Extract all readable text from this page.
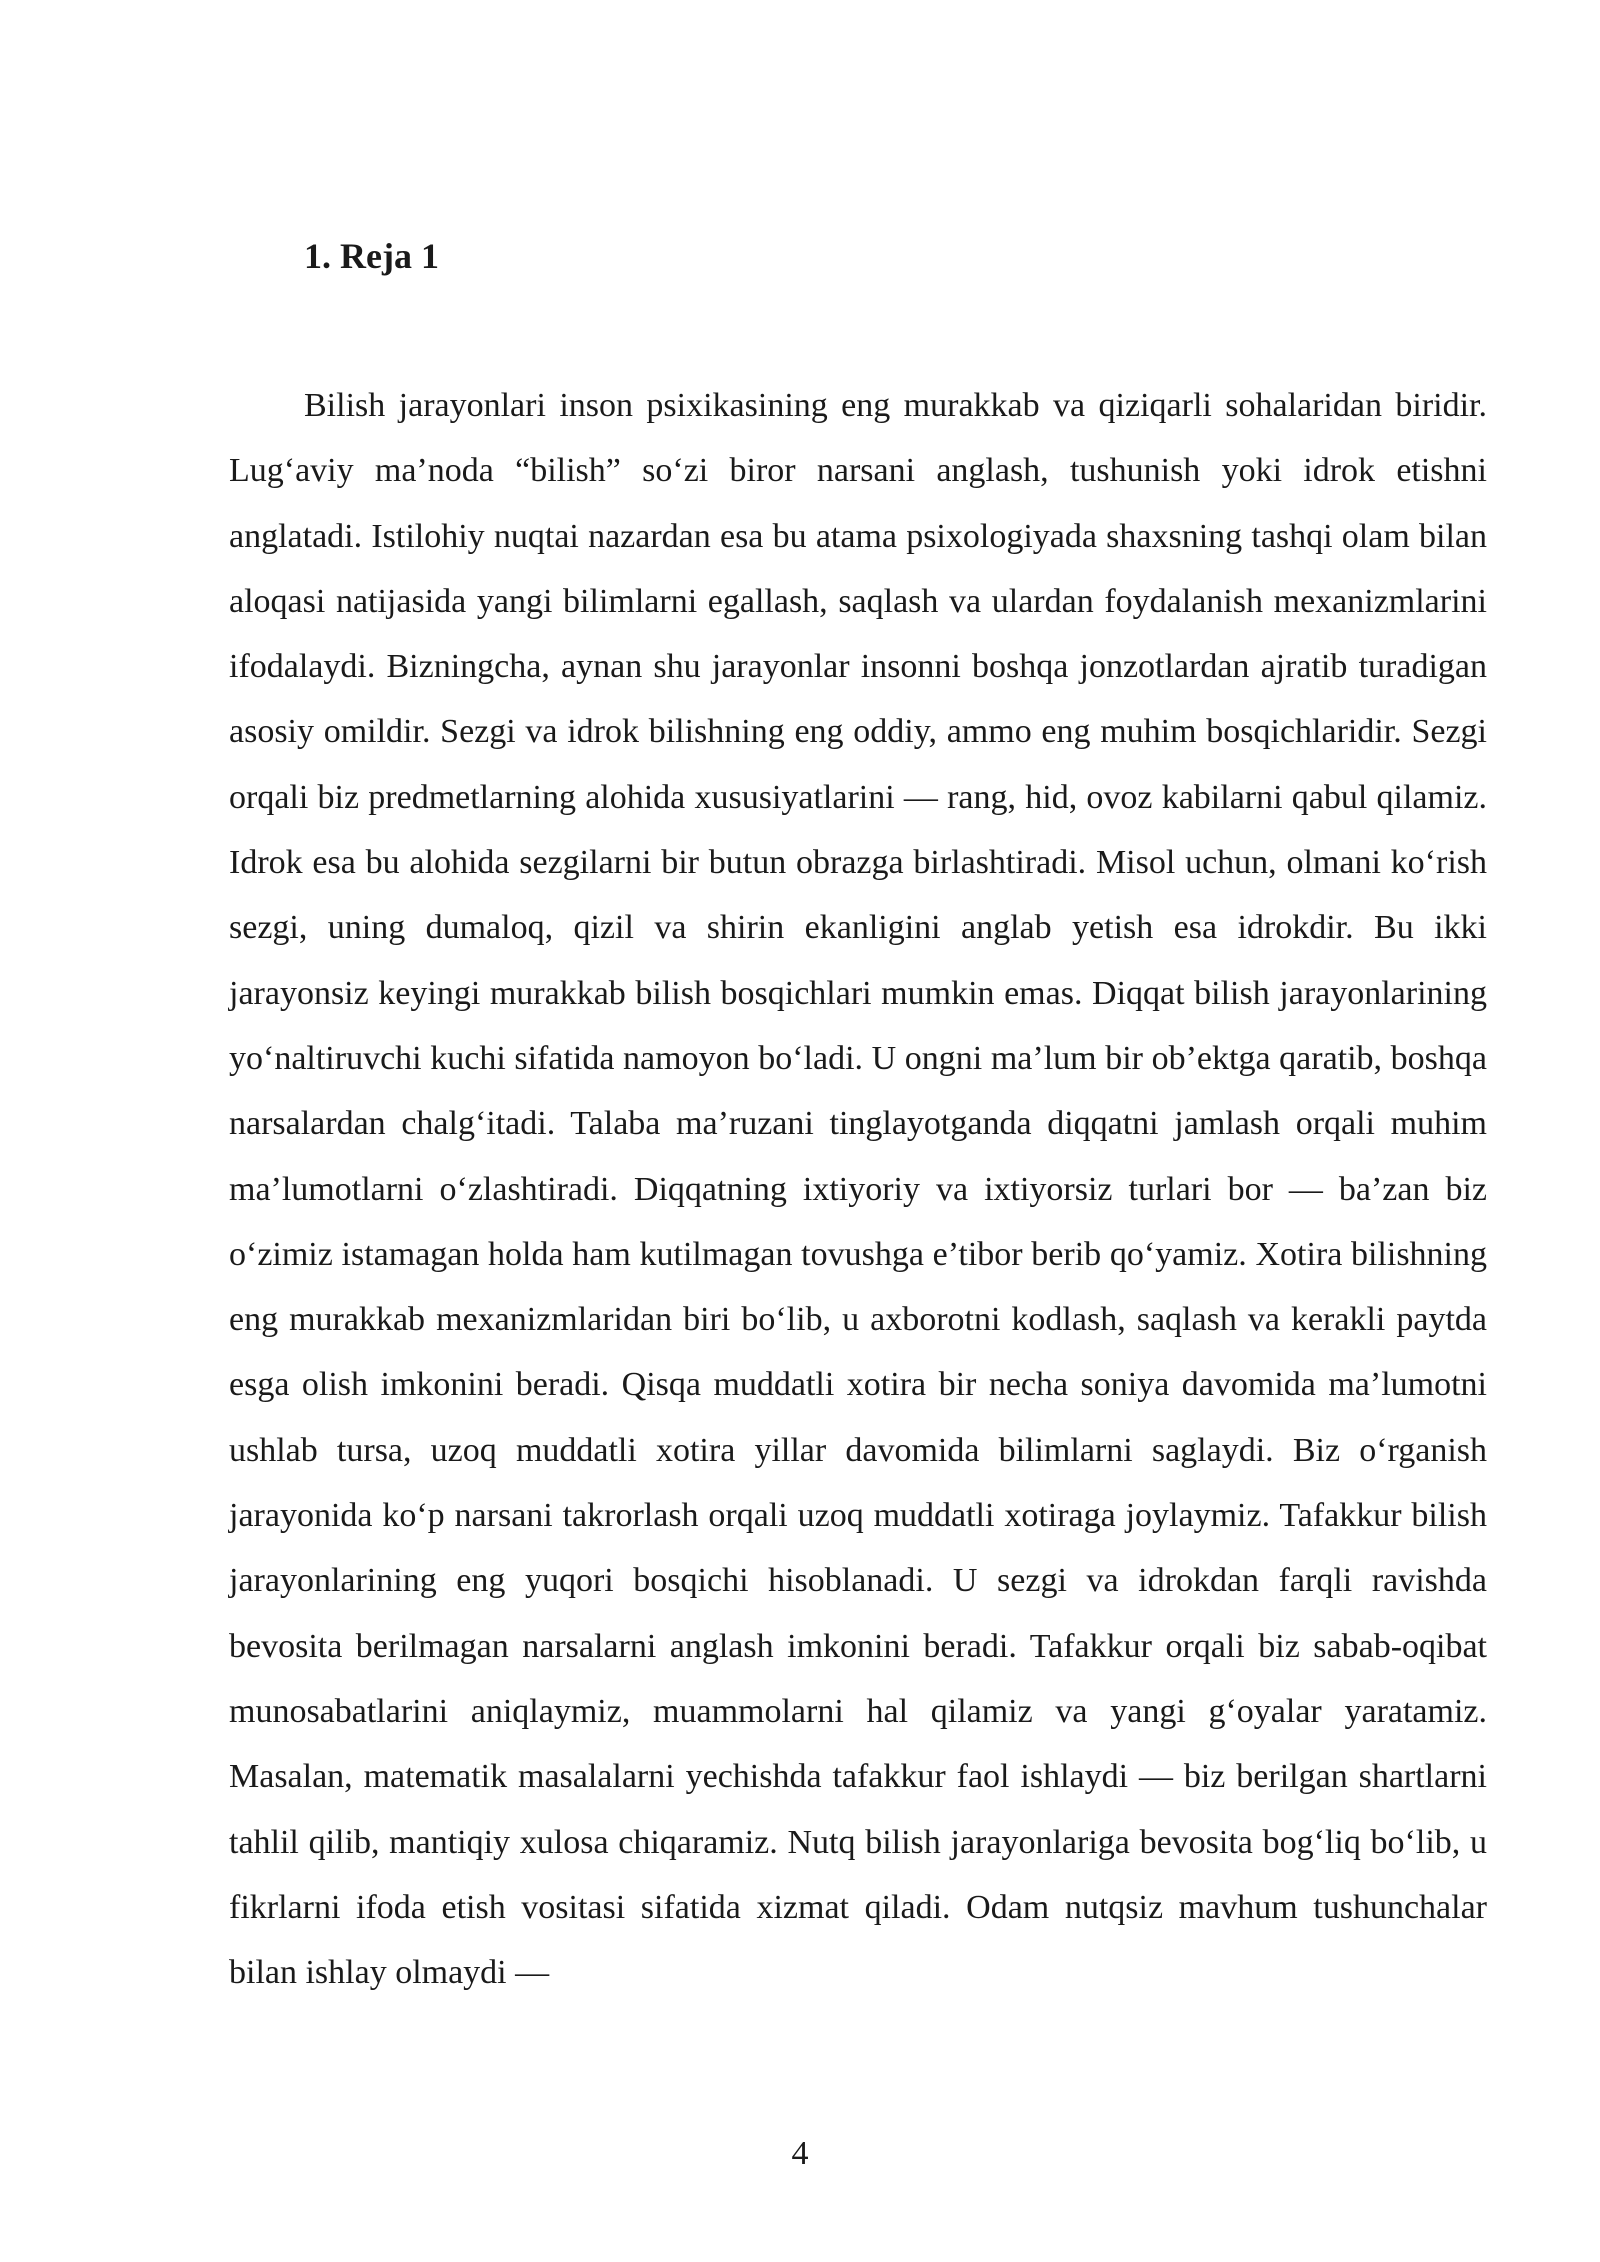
1. Reja 1

Bilish jarayonlari inson psixikasining eng murakkab va qiziqarli sohalaridan biridir. Lug‘aviy ma’noda “bilish” so‘zi biror narsani anglash, tushunish yoki idrok etishni anglatadi. Istilohiy nuqtai nazardan esa bu atama psixologiyada shaxsning tashqi olam bilan aloqasi natijasida yangi bilimlarni egallash, saqlash va ulardan foydalanish mexanizmlarini ifodalaydi. Bizningcha, aynan shu jarayonlar insonni boshqa jonzotlardan ajratib turadigan asosiy omildir. Sezgi va idrok bilishning eng oddiy, ammo eng muhim bosqichlaridir. Sezgi orqali biz predmetlarning alohida xususiyatlarini — rang, hid, ovoz kabilarni qabul qilamiz. Idrok esa bu alohida sezgilarni bir butun obrazga birlashtiradi. Misol uchun, olmani ko‘rish sezgi, uning dumaloq, qizil va shirin ekanligini anglab yetish esa idrokdir. Bu ikki jarayonsiz keyingi murakkab bilish bosqichlari mumkin emas. Diqqat bilish jarayonlarining yo‘naltiruvchi kuchi sifatida namoyon bo‘ladi. U ongni ma’lum bir ob’ektga qaratib, boshqa narsalardan chalg‘itadi. Talaba ma’ruzani tinglayotganda diqqatni jamlash orqali muhim ma’lumotlarni o‘zlashtiradi. Diqqatning ixtiyoriy va ixtiyorsiz turlari bor — ba’zan biz o‘zimiz istamagan holda ham kutilmagan tovushga e’tibor berib qo‘yamiz. Xotira bilishning eng murakkab mexanizmlaridan biri bo‘lib, u axborotni kodlash, saqlash va kerakli paytda esga olish imkonini beradi. Qisqa muddatli xotira bir necha soniya davomida ma’lumotni ushlab tursa, uzoq muddatli xotira yillar davomida bilimlarni saglaydi. Biz o‘rganish jarayonida ko‘p narsani takrorlash orqali uzoq muddatli xotiraga joylaymiz. Tafakkur bilish jarayonlarining eng yuqori bosqichi hisoblanadi. U sezgi va idrokdan farqli ravishda bevosita berilmagan narsalarni anglash imkonini beradi. Tafakkur orqali biz sabab-oqibat munosabatlarini aniqlaymiz, muammolarni hal qilamiz va yangi g‘oyalar yaratamiz. Masalan, matematik masalalarni yechishda tafakkur faol ishlaydi — biz berilgan shartlarni tahlil qilib, mantiqiy xulosa chiqaramiz. Nutq bilish jarayonlariga bevosita bog‘liq bo‘lib, u fikrlarni ifoda etish vositasi sifatida xizmat qiladi. Odam nutqsiz mavhum tushunchalar bilan ishlay olmaydi —

4
